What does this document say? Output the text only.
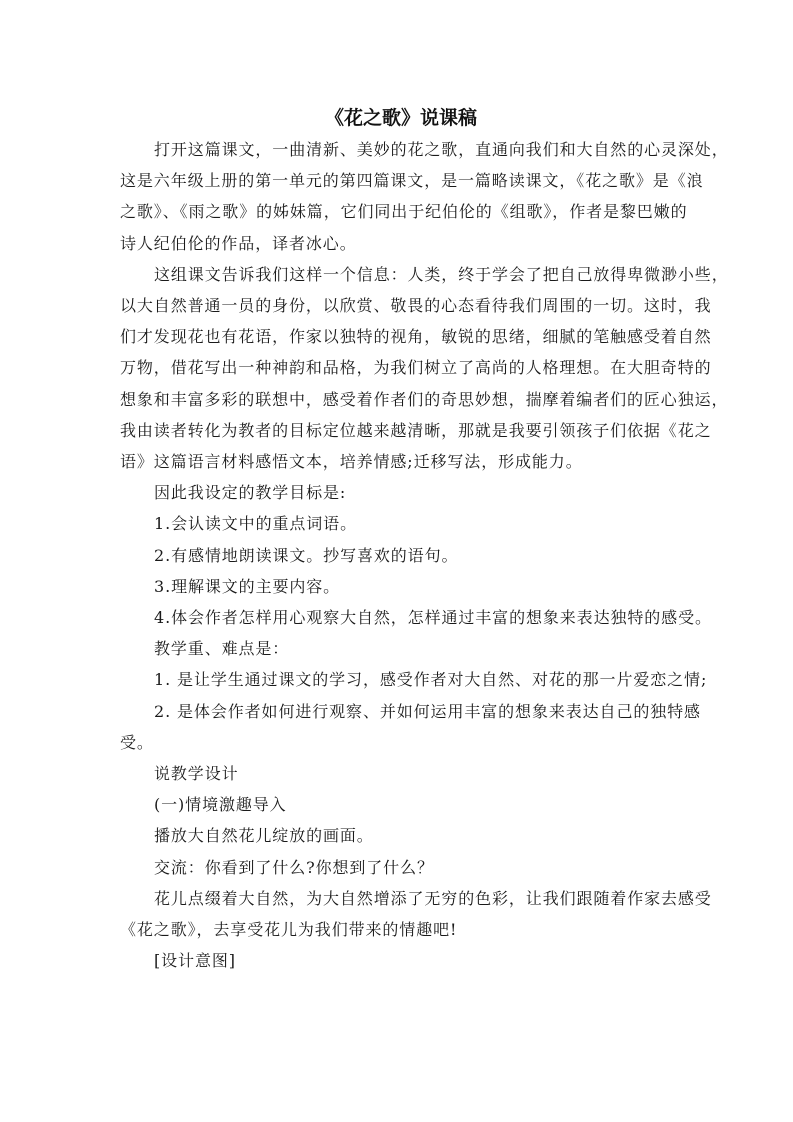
《花之歌》说课稿

打开这篇课文，一曲清新、美妙的花之歌，直通向我们和大自然的心灵深处，
这是六年级上册的第一单元的第四篇课文，是一篇略读课文，《花之歌》是《浪
之歌》、《雨之歌》的姊妹篇，它们同出于纪伯伦的《组歌》，作者是黎巴嫩的
诗人纪伯伦的作品，译者冰心。

这组课文告诉我们这样一个信息：人类，终于学会了把自己放得卑微渺小些，
以大自然普通一员的身份，以欣赏、敬畏的心态看待我们周围的一切。这时，我
们才发现花也有花语，作家以独特的视角，敏锐的思绪，细腻的笔触感受着自然
万物，借花写出一种神韵和品格，为我们树立了高尚的人格理想。在大胆奇特的
想象和丰富多彩的联想中，感受着作者们的奇思妙想，揣摩着编者们的匠心独运，
我由读者转化为教者的目标定位越来越清晰，那就是我要引领孩子们依据《花之
语》这篇语言材料感悟文本，培养情感;迁移写法，形成能力。

因此我设定的教学目标是:

1.会认读文中的重点词语。

2.有感情地朗读课文。抄写喜欢的语句。

3.理解课文的主要内容。

4.体会作者怎样用心观察大自然，怎样通过丰富的想象来表达独特的感受。

教学重、难点是：

1. 是让学生通过课文的学习，感受作者对大自然、对花的那一片爱恋之情;

2. 是体会作者如何进行观察、并如何运用丰富的想象来表达自己的独特感
受。

说教学设计

(一)情境激趣导入

播放大自然花儿绽放的画面。

交流：你看到了什么?你想到了什么？

花儿点缀着大自然，为大自然增添了无穷的色彩，让我们跟随着作家去感受
《花之歌》，去享受花儿为我们带来的情趣吧!

[设计意图]
